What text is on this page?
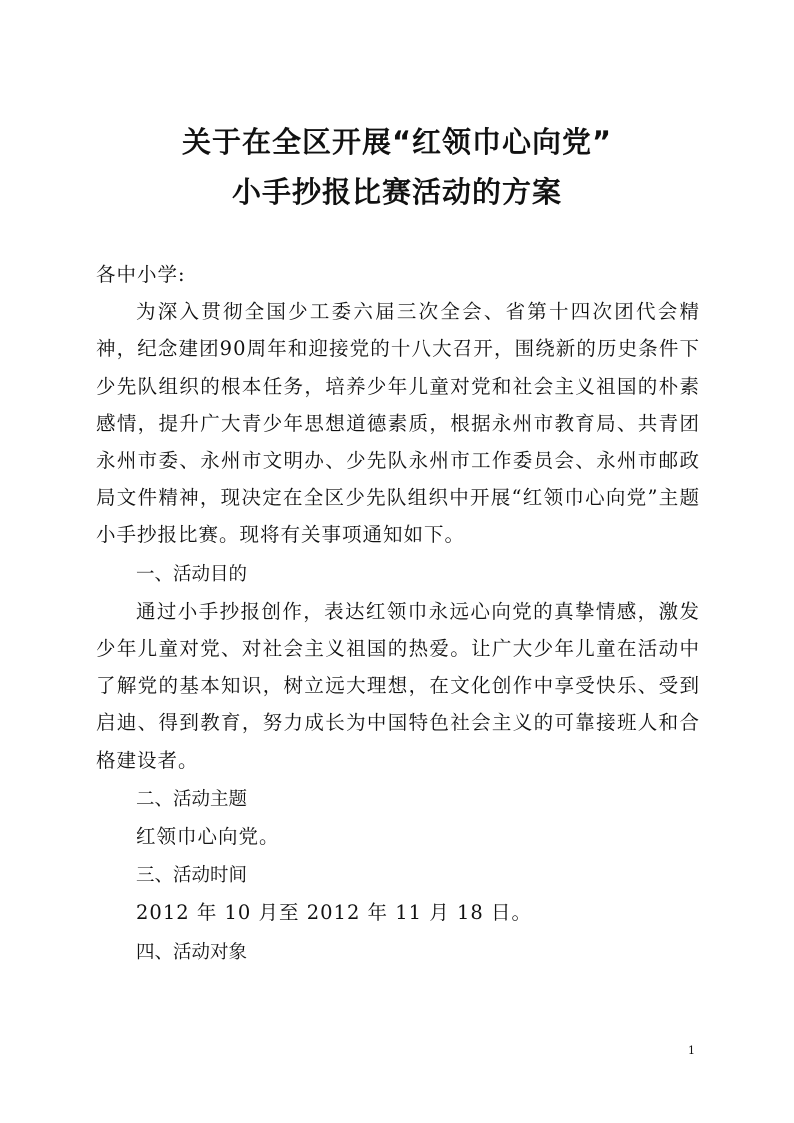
关于在全区开展“红领巾心向党”
小手抄报比赛活动的方案

各中小学:

为深入贯彻全国少工委六届三次全会、省第十四次团代会精神，纪念建团90周年和迎接党的十八大召开，围绕新的历史条件下少先队组织的根本任务，培养少年儿童对党和社会主义祖国的朴素感情，提升广大青少年思想道德素质，根据永州市教育局、共青团永州市委、永州市文明办、少先队永州市工作委员会、永州市邮政局文件精神，现决定在全区少先队组织中开展“红领巾心向党”主题小手抄报比赛。现将有关事项通知如下。

一、活动目的

通过小手抄报创作，表达红领巾永远心向党的真挚情感，激发少年儿童对党、对社会主义祖国的热爱。让广大少年儿童在活动中了解党的基本知识，树立远大理想，在文化创作中享受快乐、受到启迪、得到教育，努力成长为中国特色社会主义的可靠接班人和合格建设者。

二、活动主题

红领巾心向党。

三、活动时间

2012 年 10 月至 2012 年 11 月 18 日。

四、活动对象

1
